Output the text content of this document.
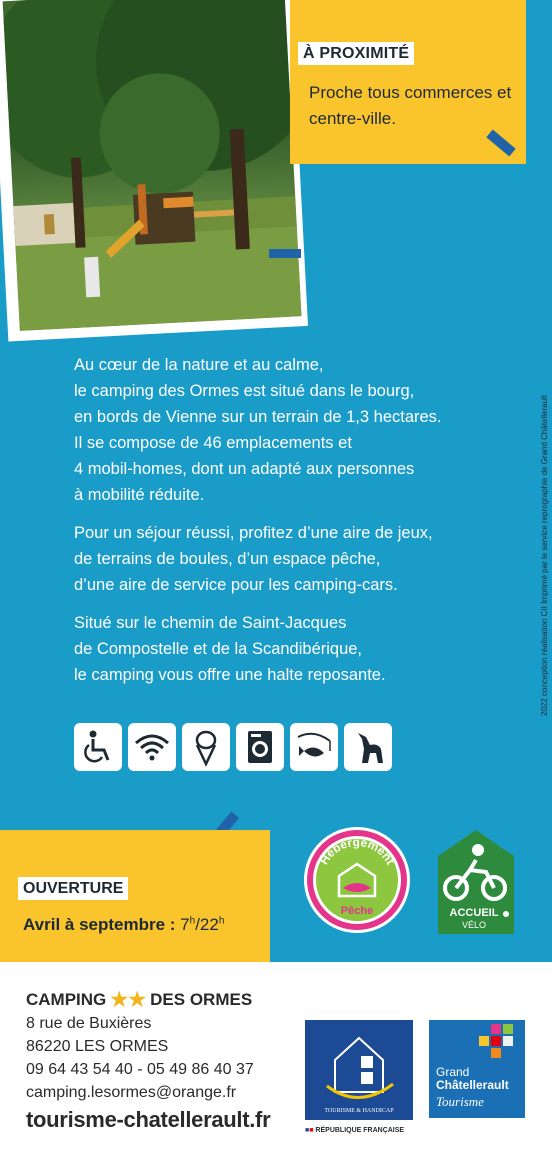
À PROXIMITÉ
Proche tous commerces et centre-ville.
2022 conception réalisation CII Imprimé par le service reprographie de Grand Châtellerault

Au cœur de la nature et au calme,
le camping des Ormes est situé dans le bourg,
en bords de Vienne sur un terrain de 1,3 hectares.
Il se compose de 46 emplacements et
4 mobil-homes, dont un adapté aux personnes
à mobilité réduite.

Pour un séjour réussi, profitez d’une aire de jeux,
de terrains de boules, d’un espace pêche,
d’une aire de service pour les camping-cars.

Situé sur le chemin de Saint-Jacques
de Compostelle et de la Scandibérique,
le camping vous offre une halte reposante.

OUVERTURE
Avril à septembre : 7$^h$/22$^h$
Hébergement
Pêche	ACCUEIL
VÉLO
CAMPING ★★ DES ORMES
8 rue de Buxières
86220 LES ORMES
09 64 43 54 40 - 05 49 86 40 37
camping.lesormes@orange.fr
tourisme-chatellerault.fr	TOURISME & HANDICAP
■■ RÉPUBLIQUE FRANÇAISE
Grand
Châtellerault
Tourisme
